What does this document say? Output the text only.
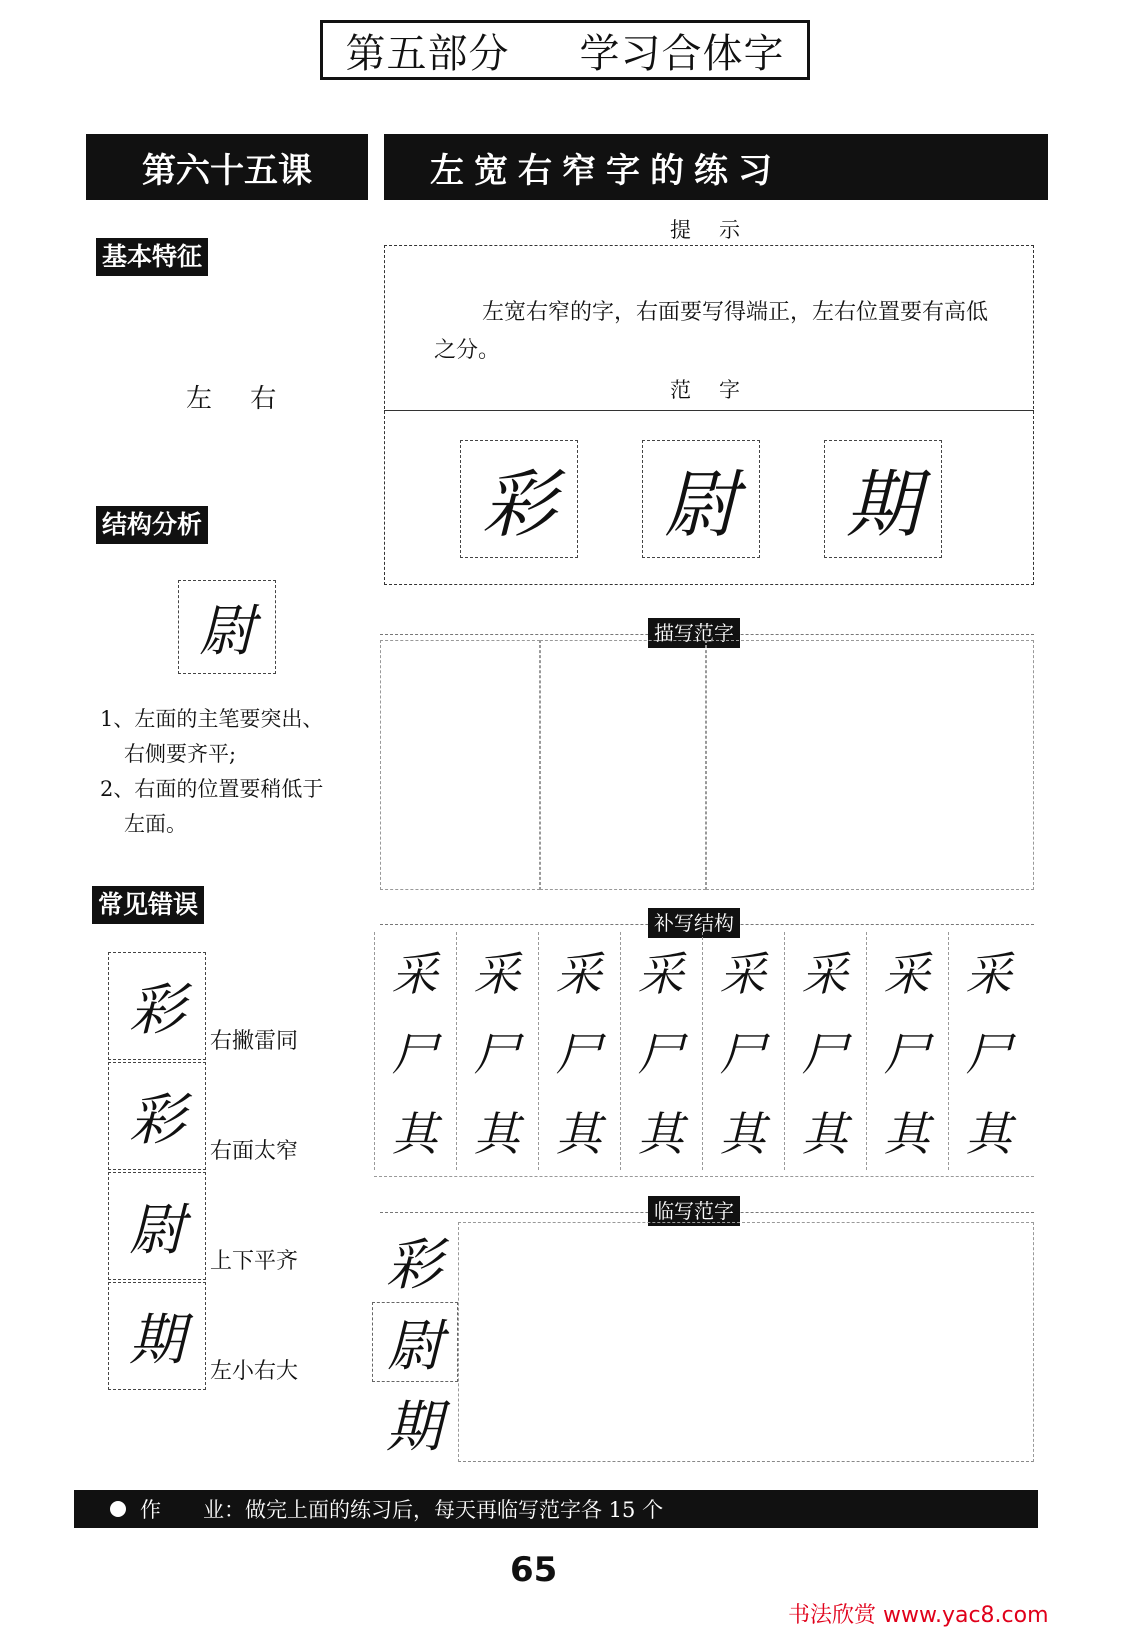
第五部分 学习合体字
第六十五课	左宽右窄字的练习
基本特征
左 右
结构分析
尉
1、左面的主笔要突出、
右侧要齐平;
2、右面的位置要稍低于
左面。
常见错误
彩	右撇雷同
彩	右面太窄
尉	上下平齐
期	左小右大
提示
左宽右窄的字，右面要写得端正，左右位置要有高低之分。
范字
彩 尉 期
描写范字
补写结构
采 采 采 采 采 采 采 采
尸 尸 尸 尸 尸 尸 尸 尸
其 其 其 其 其 其 其 其
临写范字
彩
尉
期
作　　业：做完上面的练习后，每天再临写范字各 15 个
65
书法欣赏 www.yac8.com
